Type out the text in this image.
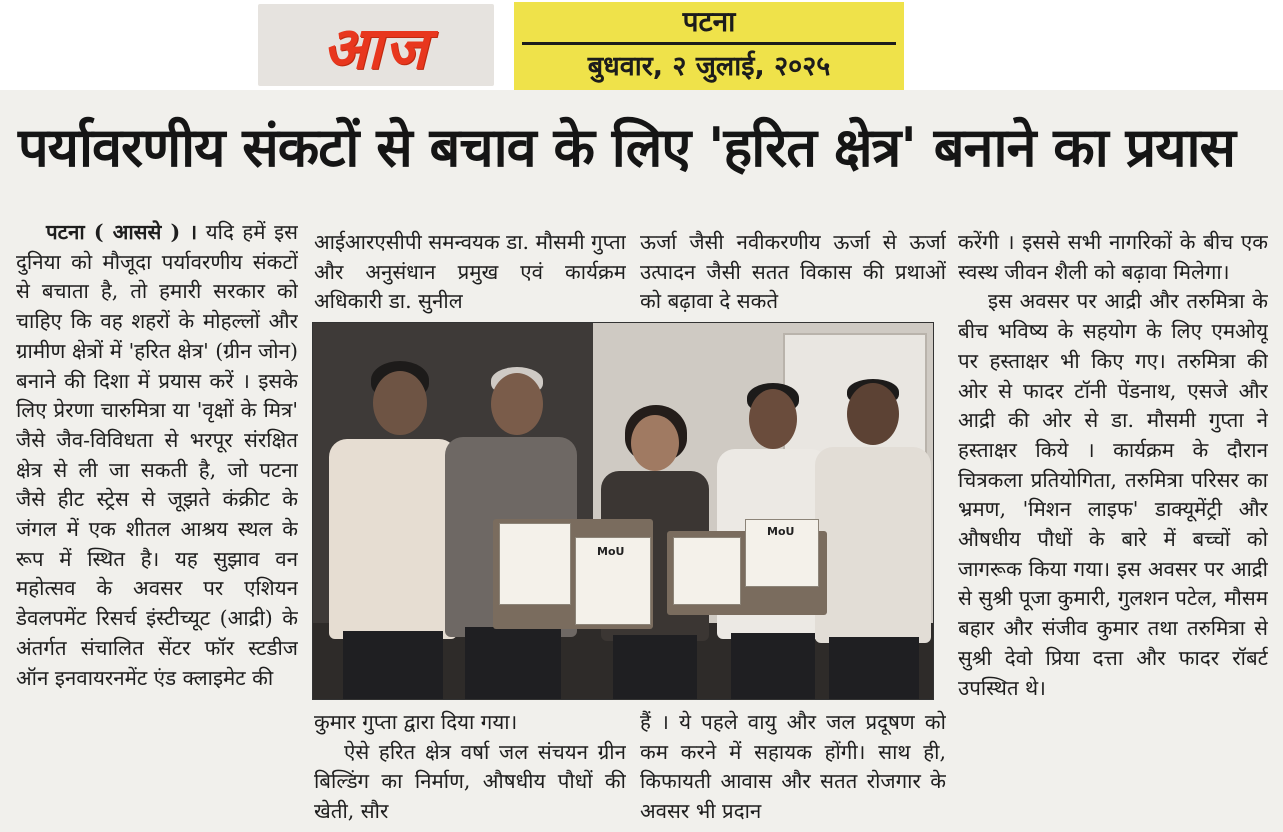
आज	पटना
बुधवार, २ जुलाई, २०२५
पर्यावरणीय संकटों से बचाव के लिए 'हरित क्षेत्र' बनाने का प्रयास

पटना ( आससे ) । यदि हमें इस दुनिया को मौजूदा पर्यावरणीय संकटों से बचाता है, तो हमारी सरकार को चाहिए कि वह शहरों के मोहल्लों और ग्रामीण क्षेत्रों में 'हरित क्षेत्र' (ग्रीन जोन) बनाने की दिशा में प्रयास करें । इसके लिए प्रेरणा चारुमित्रा या 'वृक्षों के मित्र' जैसे जैव-विविधता से भरपूर संरक्षित क्षेत्र से ली जा सकती है, जो पटना जैसे हीट स्ट्रेस से जूझते कंक्रीट के जंगल में एक शीतल आश्रय स्थल के रूप में स्थित है। यह सुझाव वन महोत्सव के अवसर पर एशियन डेवलपमेंट रिसर्च इंस्टीच्यूट (आद्री) के अंतर्गत संचालित सेंटर फॉर स्टडीज ऑन इनवायरनमेंट एंड क्लाइमेट की

आईआरएसीपी समन्वयक डा. मौसमी गुप्ता और अनुसंधान प्रमुख एवं कार्यक्रम अधिकारी डा. सुनील

ऊर्जा जैसी नवीकरणीय ऊर्जा से ऊर्जा उत्पादन जैसी सतत विकास की प्रथाओं को बढ़ावा दे सकते

करेंगी । इससे सभी नागरिकों के बीच एक स्वस्थ जीवन शैली को बढ़ावा मिलेगा।

इस अवसर पर आद्री और तरुमित्रा के बीच भविष्य के सहयोग के लिए एमओयू पर हस्ताक्षर भी किए गए। तरुमित्रा की ओर से फादर टॉनी पेंडनाथ, एसजे और आद्री की ओर से डा. मौसमी गुप्ता ने हस्ताक्षर किये । कार्यक्रम के दौरान चित्रकला प्रतियोगिता, तरुमित्रा परिसर का भ्रमण, 'मिशन लाइफ' डाक्यूमेंट्री और औषधीय पौधों के बारे में बच्चों को जागरूक किया गया। इस अवसर पर आद्री से सुश्री पूजा कुमारी, गुलशन पटेल, मौसम बहार और संजीव कुमार तथा तरुमित्रा से सुश्री देवो प्रिया दत्ता और फादर रॉबर्ट उपस्थित थे।

MoU
MoU

कुमार गुप्ता द्वारा दिया गया।

ऐसे हरित क्षेत्र वर्षा जल संचयन ग्रीन बिल्डिंग का निर्माण, औषधीय पौधों की खेती, सौर

हैं । ये पहले वायु और जल प्रदूषण को कम करने में सहायक होंगी। साथ ही, किफायती आवास और सतत रोजगार के अवसर भी प्रदान
